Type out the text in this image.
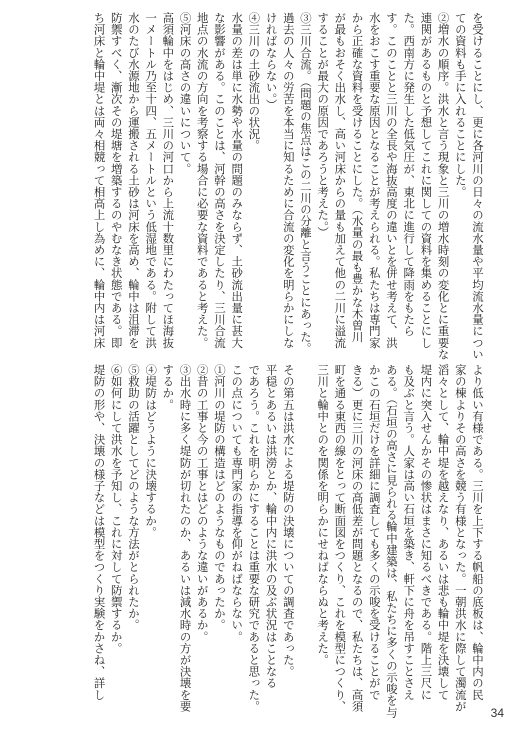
を受けることにし、更に各河川の日々の流水量や平均流水量につい
ての資料も手に入れることにした。
②増水の順序。洪水と言う現象と三川の増水時刻の変化とに重要な
連関があるものと予想してこれに関しての資料を集めることにし
た。西南方に発生した低気圧が、東北に進行して降雨をもたら
す。このことと三川の全長や海抜高度の違いとを併せ考えて、洪
水をおこす重要な原因となることが考えられる。私たちは専門家
から正確な資料を受けることにした。（水量の最も豊かな木曽川
が最もおそく出水し、高い河床からの量も加えて他の二川に溢流
することが最大の原因であろうと考えた。）
③三川合流。（問題の焦点はこの二川の分離と言うことにあった。
過去の人々の労苦を本当に知るために合流の変化を明らかにしな
ければならない。）
④三川の土砂流出の状況。
水量の差は単に水勢や水量の問題のみならず、土砂流出量に甚大
な影響がある。このことは、河幹の高さを決定したり、三川合流
地点の水流の方向を考察する場合に必要な資料であると考えた。
⑤河床の高さの違いについて。
高須輪中をはじめ、三川の河口から上流十数里にわたってほ海抜
一メートル乃至十四、五メートルという低湿地である。附して洪
水のたび水源地から運搬される土砂は河床を高め、輪中は沮滞を
防禦すべく、漸次その堤塘を増築するのやむなき状態である。即
ち河床と輪中堤とは両々相競って相高上し為めに、輪中内は河床
より低い有様である。三川を上下する帆船の底板は、輪中内の民
家の棟よりその高さを競う有様となった。一朝洪水に際して濁流が
滔々として、輪中堤を越えなり、あるいは悲も輪中堤を決壊して
堤内に突入せんかその惨状はまさに知るべきである。階上三尺に
も及ぶと言う。人家は高い石垣を築き、軒下に舟を吊すことさえ
ある。（石垣の高さに見られる輪中建築は、私たちに多くの示唆を与
かこの石垣だけを詳細に調査しても多くの示唆を受けることがで
きる）更に三川の河床の高低差が問題となるので、私たちは、高須
町を通る東西の線をとって断面図をつくり、これを模型につくり、
三川と輪中とのを関係を明らかにせねばならぬと考えた。

その第五は洪水による堤防の決壊についての調査であった。
平穏とあるいは洪澇とか、輪中内に洪水の及ぶ状況はことなる
であろう。これを明らかにすることは重要な研究であると思った。
この点についても専門家の指導を仰がねばならない。
①河川の堤防の構造はどのようなものであったか。
②昔の工事と今の工事とはどのような違いがあるか。
③出水時に多く堤防が切れたのか、あるいは減水時の方が決壊を要
するか。
④堤防はどうように決壊するか。
⑤救助の活躍としてどのような方法がとられたか。
⑥如何にして洪水を予知し、これに対して防禦するか。
堤防の形や、決壊の様子などは模型をつくり実験をかさね、詳し
34
